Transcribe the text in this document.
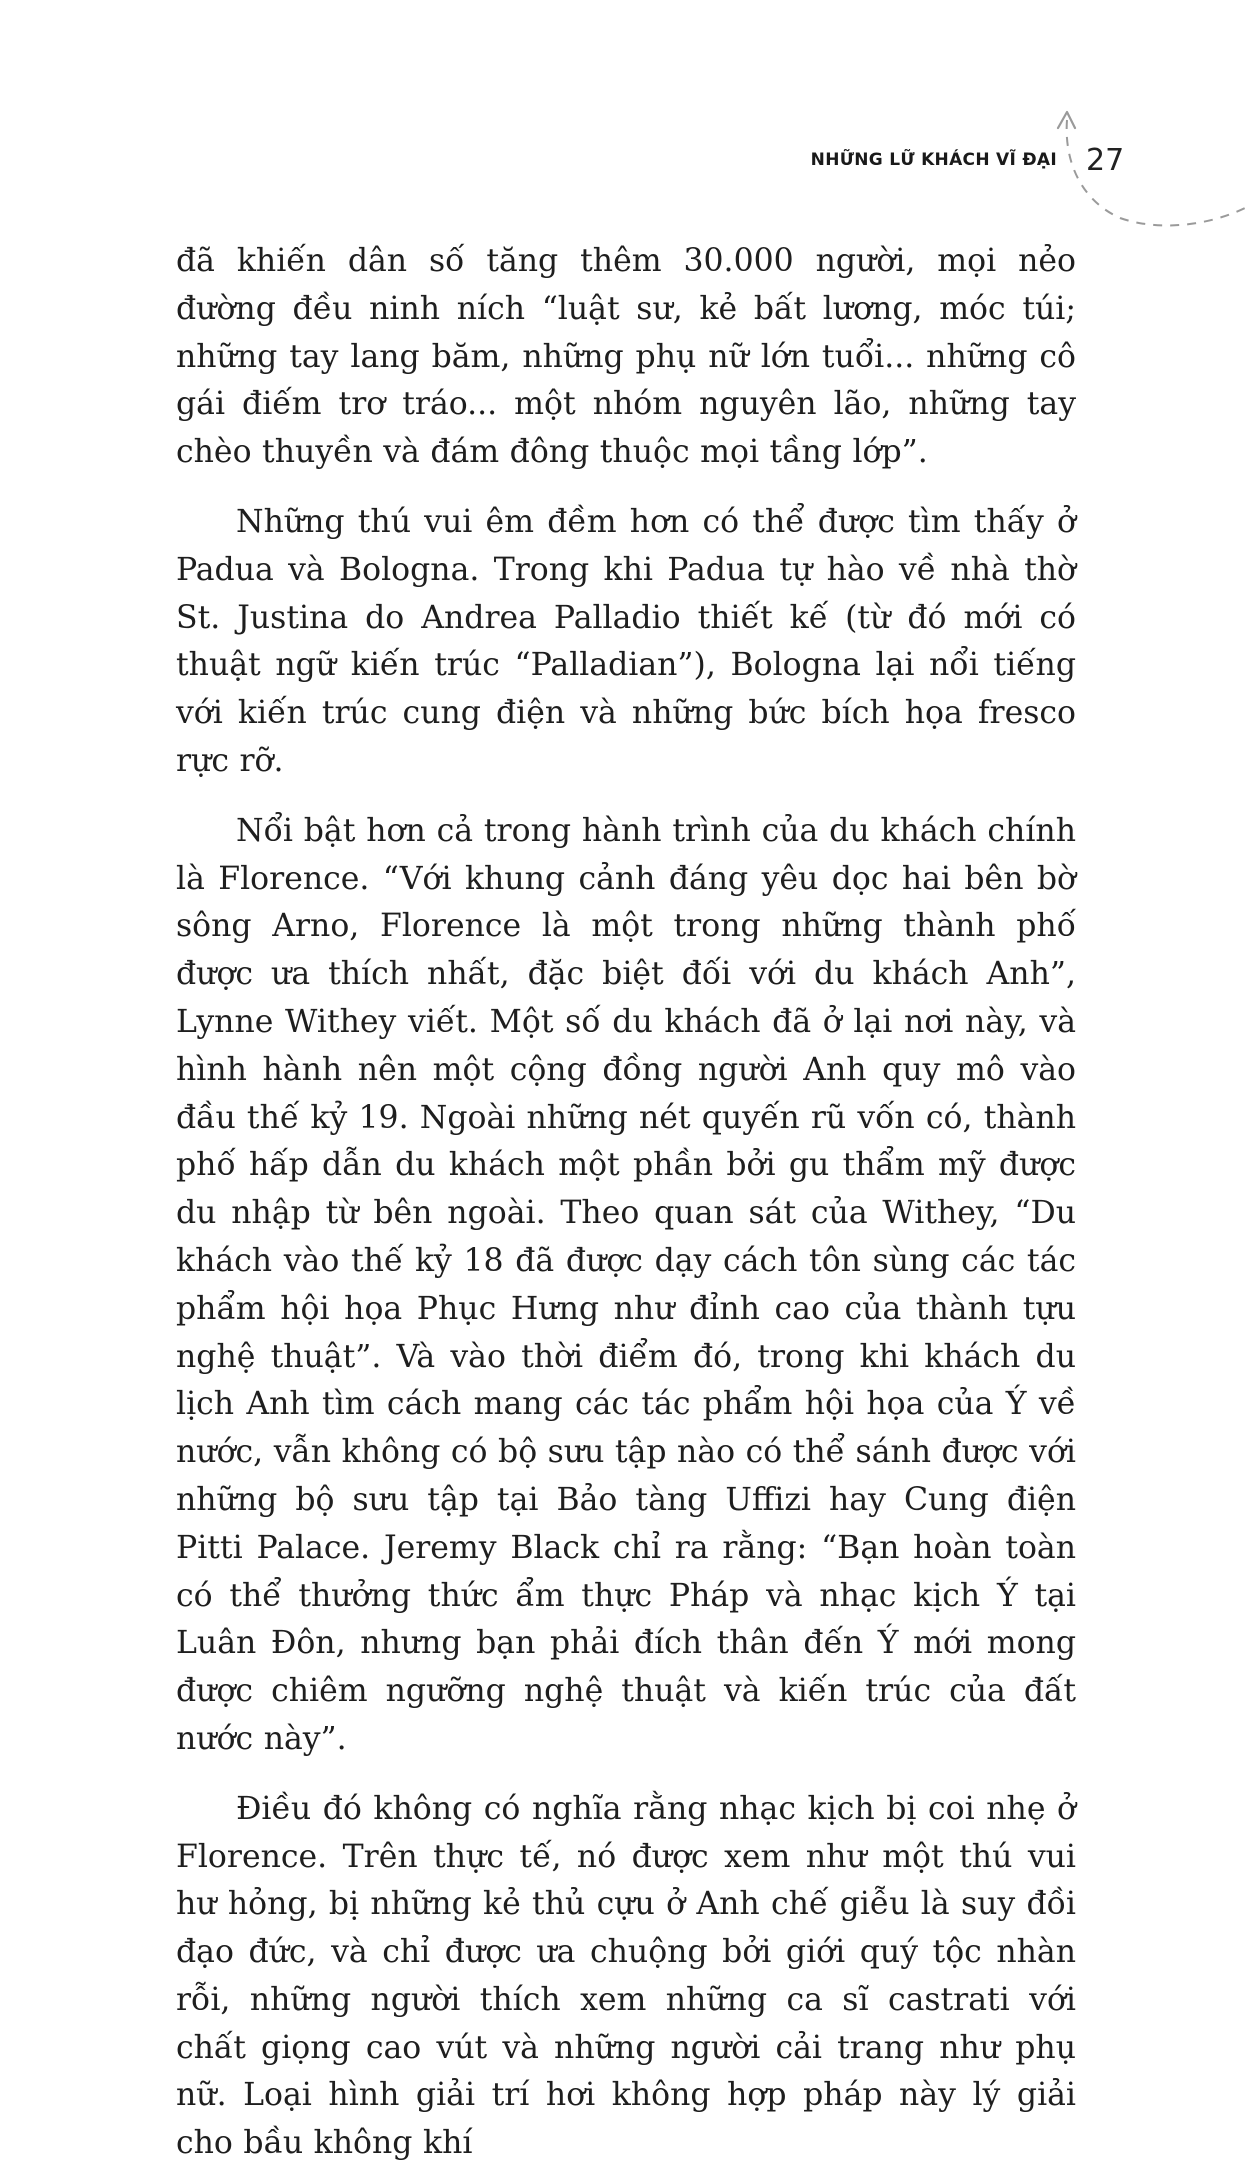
NHỮNG LỮ KHÁCH VĨ ĐẠI 27

đã khiến dân số tăng thêm 30.000 người, mọi nẻo đường đều ninh ních “luật sư, kẻ bất lương, móc túi; những tay lang băm, những phụ nữ lớn tuổi... những cô gái điếm trơ tráo... một nhóm nguyên lão, những tay chèo thuyền và đám đông thuộc mọi tầng lớp”.

Những thú vui êm đềm hơn có thể được tìm thấy ở Padua và Bologna. Trong khi Padua tự hào về nhà thờ St. Justina do Andrea Palladio thiết kế (từ đó mới có thuật ngữ kiến trúc “Palladian”), Bologna lại nổi tiếng với kiến trúc cung điện và những bức bích họa fresco rực rỡ.

Nổi bật hơn cả trong hành trình của du khách chính là Florence. “Với khung cảnh đáng yêu dọc hai bên bờ sông Arno, Florence là một trong những thành phố được ưa thích nhất, đặc biệt đối với du khách Anh”, Lynne Withey viết. Một số du khách đã ở lại nơi này, và hình hành nên một cộng đồng người Anh quy mô vào đầu thế kỷ 19. Ngoài những nét quyến rũ vốn có, thành phố hấp dẫn du khách một phần bởi gu thẩm mỹ được du nhập từ bên ngoài. Theo quan sát của Withey, “Du khách vào thế kỷ 18 đã được dạy cách tôn sùng các tác phẩm hội họa Phục Hưng như đỉnh cao của thành tựu nghệ thuật”. Và vào thời điểm đó, trong khi khách du lịch Anh tìm cách mang các tác phẩm hội họa của Ý về nước, vẫn không có bộ sưu tập nào có thể sánh được với những bộ sưu tập tại Bảo tàng Uffizi hay Cung điện Pitti Palace. Jeremy Black chỉ ra rằng: “Bạn hoàn toàn có thể thưởng thức ẩm thực Pháp và nhạc kịch Ý tại Luân Đôn, nhưng bạn phải đích thân đến Ý mới mong được chiêm ngưỡng nghệ thuật và kiến trúc của đất nước này”.

Điều đó không có nghĩa rằng nhạc kịch bị coi nhẹ ở Florence. Trên thực tế, nó được xem như một thú vui hư hỏng, bị những kẻ thủ cựu ở Anh chế giễu là suy đồi đạo đức, và chỉ được ưa chuộng bởi giới quý tộc nhàn rỗi, những người thích xem những ca sĩ castrati với chất giọng cao vút và những người cải trang như phụ nữ. Loại hình giải trí hơi không hợp pháp này lý giải cho bầu không khí
